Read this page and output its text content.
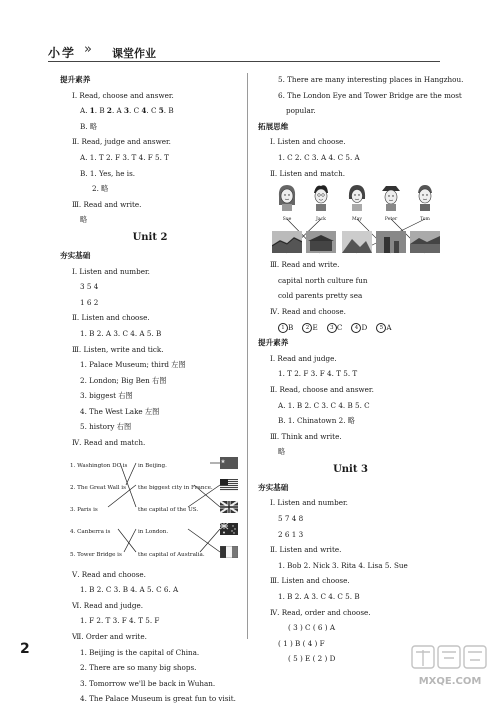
小学 » 课堂作业
提升素养
Ⅰ. Read, choose and answer.
A. 1. B 2. A 3. C 4. C 5. B
B. 略
Ⅱ. Read, judge and answer.
A. 1. T 2. F 3. T 4. F 5. T
B. 1. Yes, he is.
2. 略
Ⅲ. Read and write.
略
Unit 2
夯实基础
Ⅰ. Listen and number.
3 5 4
1 6 2
Ⅱ. Listen and choose.
1. B 2. A 3. C 4. A 5. B
Ⅲ. Listen, write and tick.
1. Palace Museum; third 左图
2. London; Big Ben 右图
3. biggest 右图
4. The West Lake 左图
5. history 右图
Ⅳ. Read and match.
1. Washington DC is
2. The Great Wall is
3. Paris is
4. Canberra is
5. Tower Bridge is
in Beijing.
the biggest city in France.
the capital of the US.
in London.
the capital of Australia.
Ⅴ. Read and choose.
1. B 2. C 3. B 4. A 5. C 6. A
Ⅵ. Read and judge.
1. F 2. T 3. F 4. T 5. F
Ⅶ. Order and write.
1. Beijing is the capital of China.
2. There are so many big shops.
3. Tomorrow we'll be back in Wuhan.
4. The Palace Museum is great fun to visit.
5. There are many interesting places in Hangzhou.
6. The London Eye and Tower Bridge are the most
popular.
拓展思维
Ⅰ. Listen and choose.
1. C 2. C 3. A 4. C 5. A
Ⅱ. Listen and match.
Sue	Jack	May	Peter	Tom
Ⅲ. Read and write.
capital north culture fun
cold parents pretty sea
Ⅳ. Read and choose.
1 B 2 E 3 C 4 D 5 A
提升素养
Ⅰ. Read and judge.
1. T 2. F 3. F 4. T 5. T
Ⅱ. Read, choose and answer.
A. 1. B 2. C 3. C 4. B 5. C
B. 1. Chinatown 2. 略
Ⅲ. Think and write.
略
Unit 3
夯实基础
Ⅰ. Listen and number.
5 7 4 8
2 6 1 3
Ⅱ. Listen and write.
1. Bob 2. Nick 3. Rita 4. Lisa 5. Sue
Ⅲ. Listen and choose.
1. B 2. A 3. C 4. C 5. B
Ⅳ. Read, order and choose.
( 3 ) C ( 6 ) A
( 1 ) B ( 4 ) F
( 5 ) E ( 2 ) D
2
MXQE.COM
